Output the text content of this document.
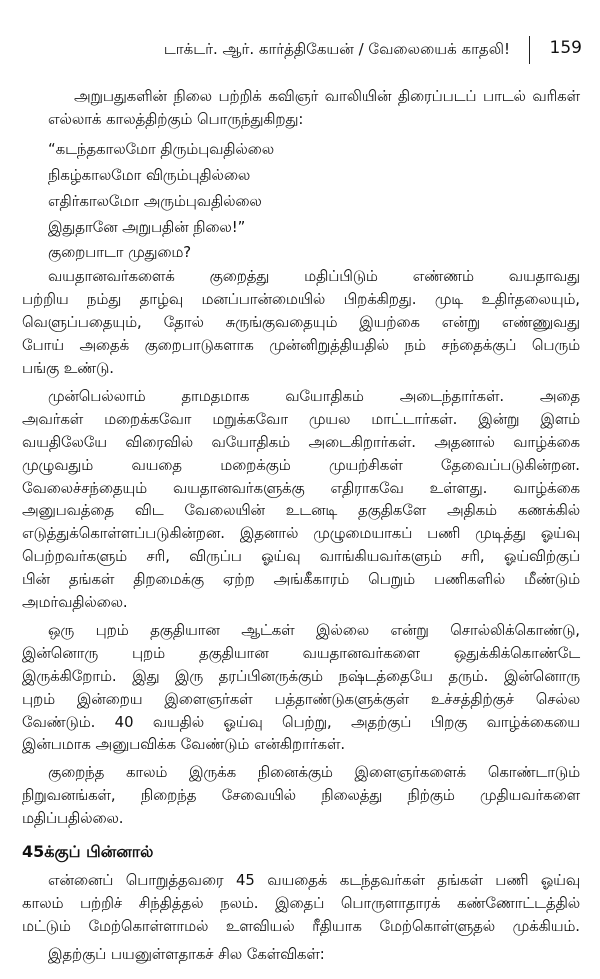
டாக்டர். ஆர். கார்த்திகேயன் / வேலையைக் காதலி! 159
அறுபதுகளின் நிலை பற்றிக் கவிஞர் வாலியின் திரைப்படப் பாடல் வரிகள்
எல்லாக் காலத்திற்கும் பொருந்துகிறது:
“கடந்தகாலமோ திரும்புவதில்லை
நிகழ்காலமோ விரும்புதில்லை
எதிர்காலமோ அரும்புவதில்லை
இதுதானே அறுபதின் நிலை!”
குறைபாடா முதுமை?
வயதானவர்களைக் குறைத்து மதிப்பிடும் எண்ணம் வயதாவது
பற்றிய நம்து தாழ்வு மனப்பான்மையில் பிறக்கிறது. முடி உதிர்தலையும்,
வெளுப்பதையும், தோல் சுருங்குவதையும் இயற்கை என்று எண்ணுவது
போய் அதைக் குறைபாடுகளாக முன்னிறுத்தியதில் நம் சந்தைக்குப் பெரும்
பங்கு உண்டு.
முன்பெல்லாம் தாமதமாக வயோதிகம் அடைந்தார்கள். அதை
அவர்கள் மறைக்கவோ மறுக்கவோ முயல மாட்டார்கள். இன்று இளம்
வயதிலேயே விரைவில் வயோதிகம் அடைகிறார்கள். அதனால் வாழ்க்கை
முழுவதும் வயதை மறைக்கும் முயற்சிகள் தேவைப்படுகின்றன.
வேலைச்சந்தையும் வயதானவர்களுக்கு எதிராகவே உள்ளது. வாழ்க்கை
அனுபவத்தை விட வேலையின் உடனடி தகுதிகளே அதிகம் கணக்கில்
எடுத்துக்கொள்ளப்படுகின்றன. இதனால் முழுமையாகப் பணி முடித்து ஓய்வு
பெற்றவர்களும் சரி, விருப்ப ஓய்வு வாங்கியவர்களும் சரி, ஓய்விற்குப்
பின் தங்கள் திறமைக்கு ஏற்ற அங்கீகாரம் பெறும் பணிகளில் மீண்டும்
அமர்வதில்லை.
ஒரு புறம் தகுதியான ஆட்கள் இல்லை என்று சொல்லிக்கொண்டு,
இன்னொரு புறம் தகுதியான வயதானவர்களை ஒதுக்கிக்கொண்டே
இருக்கிறோம். இது இரு தரப்பினருக்கும் நஷ்டத்தையே தரும். இன்னொரு
புறம் இன்றைய இளைஞர்கள் பத்தாண்டுகளுக்குள் உச்சத்திற்குச் செல்ல
வேண்டும். 40 வயதில் ஓய்வு பெற்று, அதற்குப் பிறகு வாழ்க்கையை
இன்பமாக அனுபவிக்க வேண்டும் என்கிறார்கள்.
குறைந்த காலம் இருக்க நினைக்கும் இளைஞர்களைக் கொண்டாடும்
நிறுவனங்கள், நிறைந்த சேவையில் நிலைத்து நிற்கும் முதியவர்களை
மதிப்பதில்லை.
45க்குப் பின்னால்
என்னைப் பொறுத்தவரை 45 வயதைக் கடந்தவர்கள் தங்கள் பணி ஓய்வு
காலம் பற்றிச் சிந்தித்தல் நலம். இதைப் பொருளாதாரக் கண்ணோட்டத்தில்
மட்டும் மேற்கொள்ளாமல் உளவியல் ரீதியாக மேற்கொள்ளுதல் முக்கியம்.
இதற்குப் பயனுள்ளதாகச் சில கேள்விகள்:
